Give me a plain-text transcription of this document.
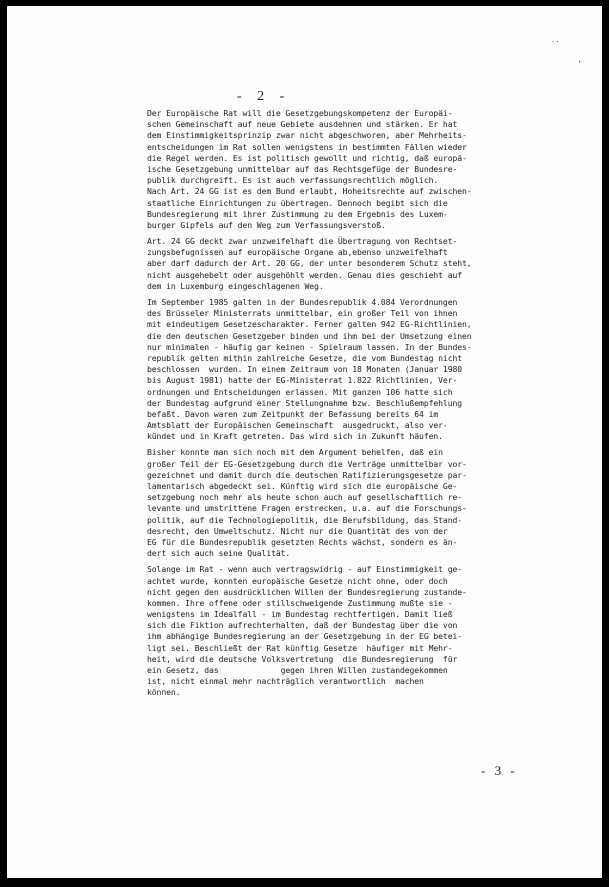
..
'
- 2 -
Der Europäische Rat will die Gesetzgebungskompetenz der Europäi-
schen Gemeinschaft auf neue Gebiete ausdehnen und stärken. Er hat
dem Einstimmigkeitsprinzip zwar nicht abgeschworen, aber Mehrheits-
entscheidungen im Rat sollen wenigstens in bestimmten Fällen wieder
die Regel werden. Es ist politisch gewollt und richtig, daß europä-
ische Gesetzgebung unmittelbar auf das Rechtsgefüge der Bundesre-
publik durchgreift. Es ist auch verfassungsrechtlich möglich.
Nach Art. 24 GG ist es dem Bund erlaubt, Hoheitsrechte auf zwischen-
staatliche Einrichtungen zu übertragen. Dennoch begibt sich die
Bundesregierung mit ihrer Zustimmung zu dem Ergebnis des Luxem-
burger Gipfels auf den Weg zum Verfassungsverstoß.
Art. 24 GG deckt zwar unzweifelhaft die Übertragung von Rechtset-
zungsbefugnissen auf europäische Organe ab,ebenso unzweifelhaft
aber darf dadurch der Art. 20 GG, der unter besonderem Schutz steht,
nicht ausgehebelt oder ausgehöhlt werden. Genau dies geschieht auf
dem in Luxemburg eingeschlagenen Weg.
Im September 1985 galten in der Bundesrepublik 4.084 Verordnungen
des Brüsseler Ministerrats unmittelbar, ein großer Teil von ihnen
mit eindeutigem Gesetzescharakter. Ferner galten 942 EG-Richtlinien,
die den deutschen Gesetzgeber binden und ihm bei der Umsetzung einen
nur minimalen - häufig gar keinen - Spielraum lassen. In der Bundes-
republik gelten mithin zahlreiche Gesetze, die vom Bundestag nicht
beschlossen  wurden. In einem Zeitraum von 18 Monaten (Januar 1980
bis August 1981) hatte der EG-Ministerrat 1.822 Richtlinien, Ver-
ordnungen und Entscheidungen erlassen. Mit ganzen 106 hatte sich
der Bundestag aufgrund einer Stellungnahme bzw. Beschlußempfehlung
befaßt. Davon waren zum Zeitpunkt der Befassung bereits 64 im
Amtsblatt der Europäischen Gemeinschaft  ausgedruckt, also ver-
kündet und in Kraft getreten. Das wird sich in Zukunft häufen.
Bisher konnte man sich noch mit dem Argument behelfen, daß ein
großer Teil der EG-Gesetzgebung durch die Verträge unmittelbar vor-
gezeichnet und damit durch die deutschen Ratifizierungsgesetze par-
lamentarisch abgedeckt sei. Künftig wird sich die europäische Ge-
setzgebung noch mehr als heute schon auch auf gesellschaftlich re-
levante und umstrittene Fragen erstrecken, u.a. auf die Forschungs-
politik, auf die Technologiepolitik, die Berufsbildung, das Stand-
desrecht, den Umweltschutz. Nicht nur die Quantität des von der
EG für die Bundesrepublik gesetzten Rechts wächst, sondern es än-
dert sich auch seine Qualität.
Solange im Rat - wenn auch vertragswidrig - auf Einstimmigkeit ge-
achtet wurde, konnten europäische Gesetze nicht ohne, oder doch
nicht gegen den ausdrücklichen Willen der Bundesregierung zustande-
kommen. Ihre offene oder stillschweigende Zustimmung mußte sie -
wenigstens im Idealfall - im Bundestag rechtfertigen. Damit ließ
sich die Fiktion aufrechterhalten, daß der Bundestag über die von
ihm abhängige Bundesregierung an der Gesetzgebung in der EG betei-
ligt sei. Beschließt der Rat künftig Gesetze  häufiger mit Mehr-
heit, wird die deutsche Volksvertretung  die Bundesregierung  für
ein Gesetz, das             gegen ihren Willen zustandegekommen
ist, nicht einmal mehr nachträglich verantwortlich  machen
können.
- 3 -
